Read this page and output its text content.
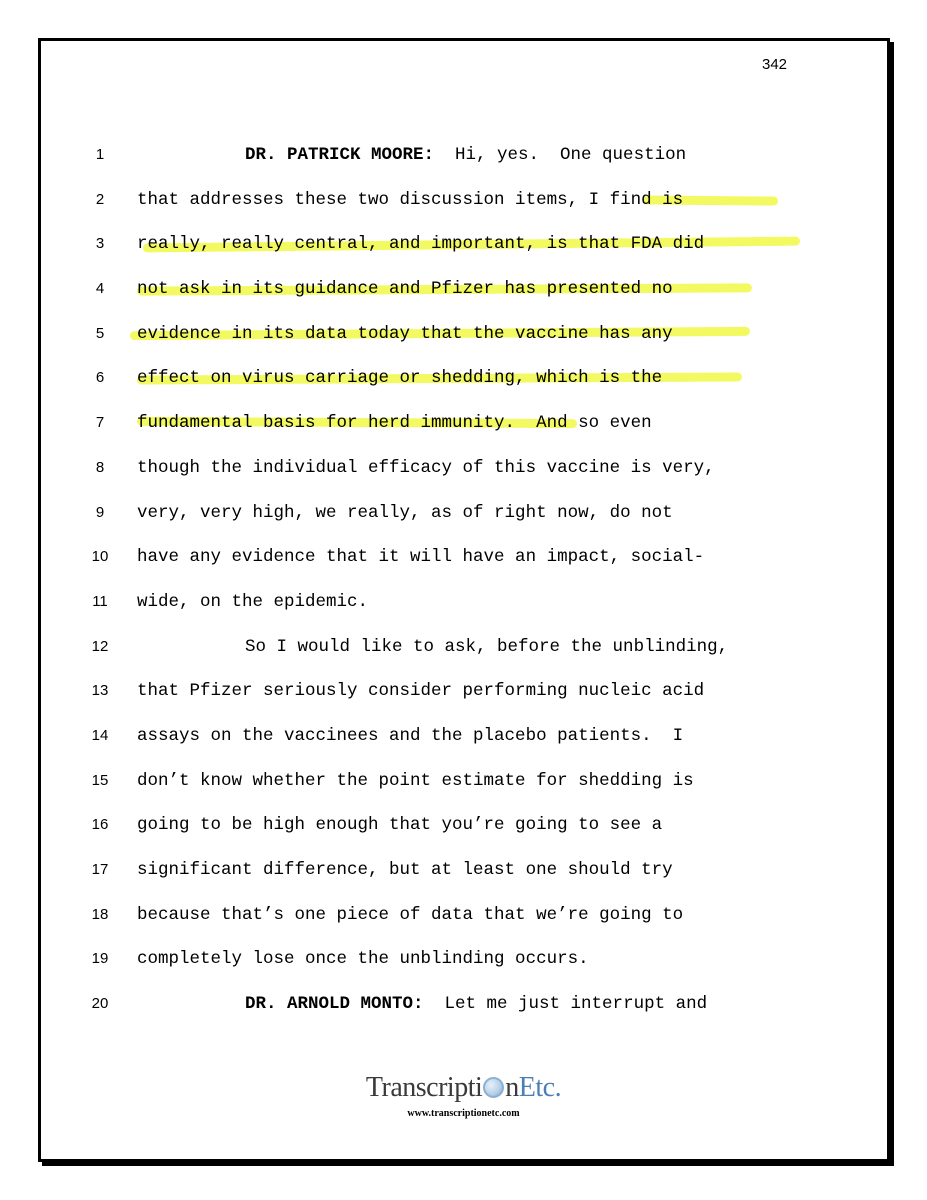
342
1
2
3
4
5
6
7
8
9
10
11
12
13
14
15
16
17
18
19
20
DR. PATRICK MOORE:  Hi, yes.  One question
that addresses these two discussion items, I find is
really, really central, and important, is that FDA did
not ask in its guidance and Pfizer has presented no
evidence in its data today that the vaccine has any
effect on virus carriage or shedding, which is the
fundamental basis for herd immunity.  And so even
though the individual efficacy of this vaccine is very,
very, very high, we really, as of right now, do not
have any evidence that it will have an impact, social-
wide, on the epidemic.
So I would like to ask, before the unblinding,
that Pfizer seriously consider performing nucleic acid
assays on the vaccinees and the placebo patients.  I
don’t know whether the point estimate for shedding is
going to be high enough that you’re going to see a
significant difference, but at least one should try
because that’s one piece of data that we’re going to
completely lose once the unblinding occurs.
DR. ARNOLD MONTO:  Let me just interrupt and
Transcripti nEtc.
www.transcriptionetc.com
